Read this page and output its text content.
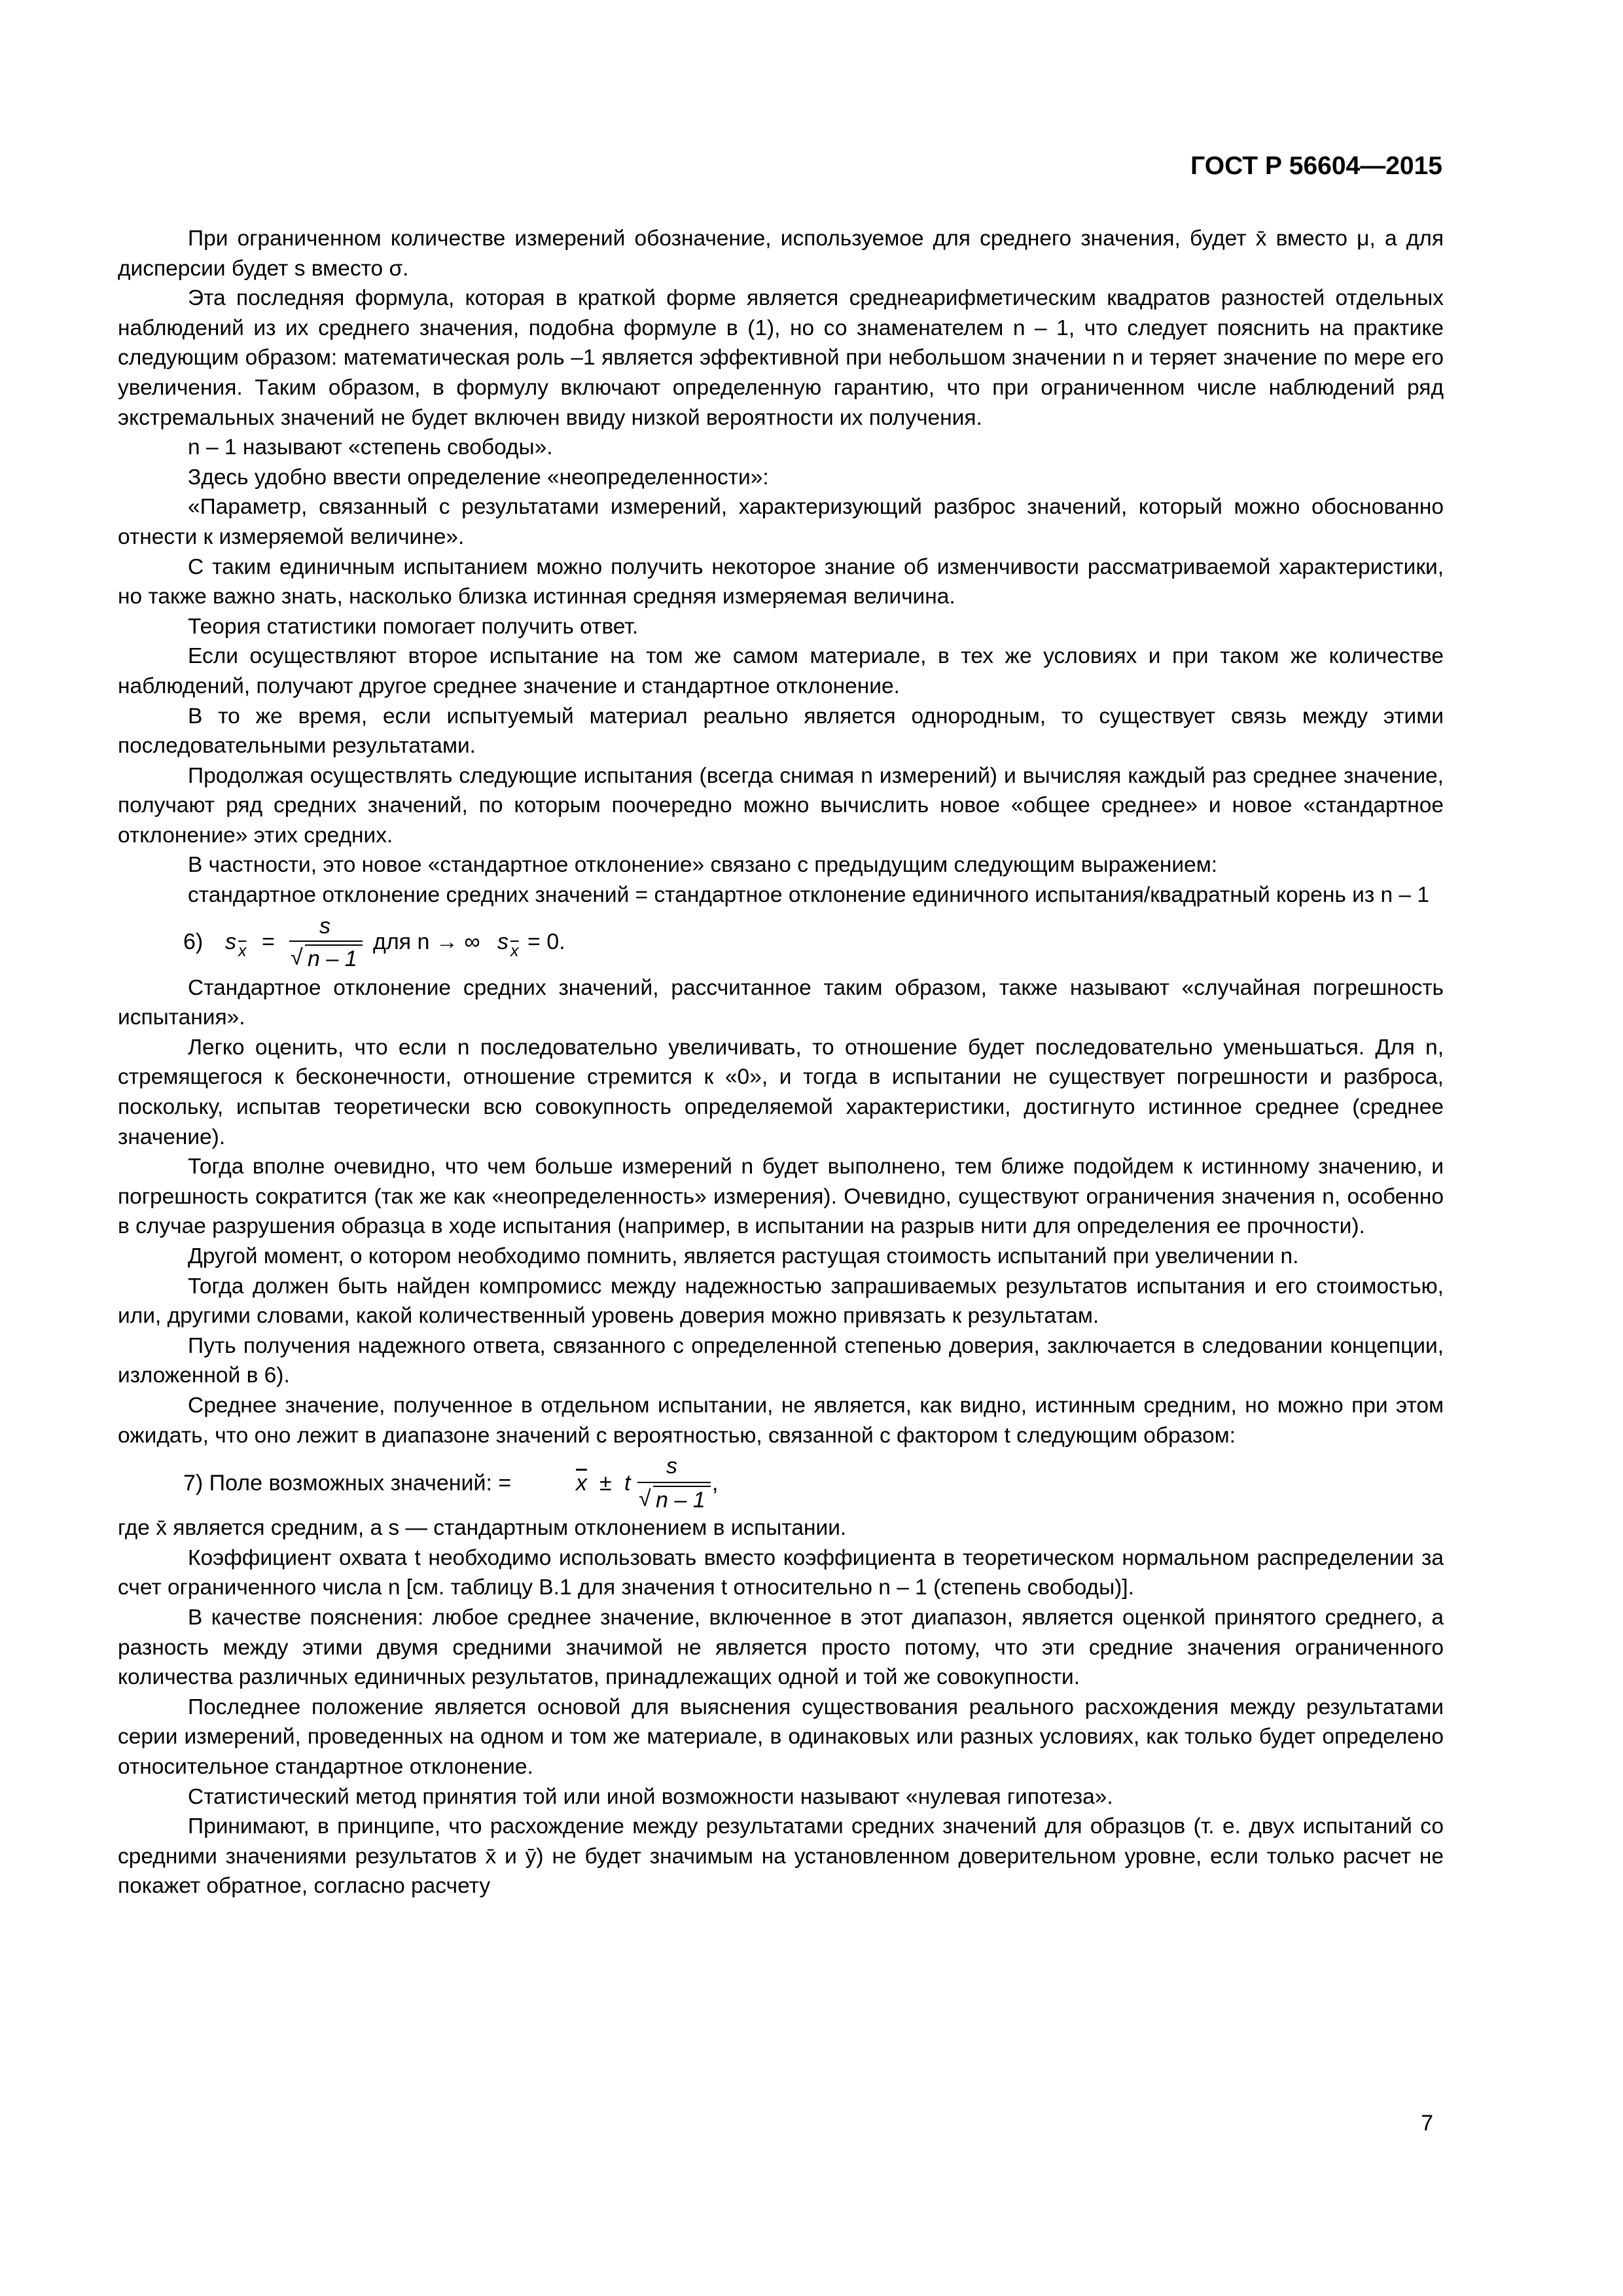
ГОСТ Р 56604—2015

При ограниченном количестве измерений обозначение, используемое для среднего значения, будет x̄ вместо μ, а для дисперсии будет s вместо σ.

Эта последняя формула, которая в краткой форме является среднеарифметическим квадратов разностей отдельных наблюдений из их среднего значения, подобна формуле в (1), но со знаменателем n – 1, что следует пояснить на практике следующим образом: математическая роль –1 является эффективной при небольшом значении n и теряет значение по мере его увеличения. Таким образом, в формулу включают определенную гарантию, что при ограниченном числе наблюдений ряд экстремальных значений не будет включен ввиду низкой вероятности их получения.

n – 1 называют «степень свободы».

Здесь удобно ввести определение «неопределенности»:

«Параметр, связанный с результатами измерений, характеризующий разброс значений, который можно обоснованно отнести к измеряемой величине».

С таким единичным испытанием можно получить некоторое знание об изменчивости рассматриваемой характеристики, но также важно знать, насколько близка истинная средняя измеряемая величина.

Теория статистики помогает получить ответ.

Если осуществляют второе испытание на том же самом материале, в тех же условиях и при таком же количестве наблюдений, получают другое среднее значение и стандартное отклонение.

В то же время, если испытуемый материал реально является однородным, то существует связь между этими последовательными результатами.

Продолжая осуществлять следующие испытания (всегда снимая n измерений) и вычисляя каждый раз среднее значение, получают ряд средних значений, по которым поочередно можно вычислить новое «общее среднее» и новое «стандартное отклонение» этих средних.

В частности, это новое «стандартное отклонение» связано с предыдущим следующим выражением:

стандартное отклонение средних значений = стандартное отклонение единичного испытания/квадратный корень из n – 1

6) s $\overline{x}$ =
s
√ n – 1
для n → ∞ s $\overline{x} = 0$.

Стандартное отклонение средних значений, рассчитанное таким образом, также называют «случайная погрешность испытания».

Легко оценить, что если n последовательно увеличивать, то отношение будет последовательно уменьшаться. Для n, стремящегося к бесконечности, отношение стремится к «0», и тогда в испытании не существует погрешности и разброса, поскольку, испытав теоретически всю совокупность определяемой характеристики, достигнуто истинное среднее (среднее значение).

Тогда вполне очевидно, что чем больше измерений n будет выполнено, тем ближе подойдем к истинному значению, и погрешность сократится (так же как «неопределенность» измерения). Очевидно, существуют ограничения значения n, особенно в случае разрушения образца в ходе испытания (например, в испытании на разрыв нити для определения ее прочности).

Другой момент, о котором необходимо помнить, является растущая стоимость испытаний при увеличении n.

Тогда должен быть найден компромисс между надежностью запрашиваемых результатов испытания и его стоимостью, или, другими словами, какой количественный уровень доверия можно привязать к результатам.

Путь получения надежного ответа, связанного с определенной степенью доверия, заключается в следовании концепции, изложенной в 6).

Среднее значение, полученное в отдельном испытании, не является, как видно, истинным средним, но можно при этом ожидать, что оно лежит в диапазоне значений с вероятностью, связанной с фактором t следующим образом:

7) Поле возможных значений: =	$\overline{x} \pm t$
s
√ n – 1
,

где x̄ является средним, а s — стандартным отклонением в испытании.

Коэффициент охвата t необходимо использовать вместо коэффициента в теоретическом нормальном распределении за счет ограниченного числа n [см. таблицу В.1 для значения t относительно n – 1 (степень свободы)].

В качестве пояснения: любое среднее значение, включенное в этот диапазон, является оценкой принятого среднего, а разность между этими двумя средними значимой не является просто потому, что эти средние значения ограниченного количества различных единичных результатов, принадлежащих одной и той же совокупности.

Последнее положение является основой для выяснения существования реального расхождения между результатами серии измерений, проведенных на одном и том же материале, в одинаковых или разных условиях, как только будет определено относительное стандартное отклонение.

Статистический метод принятия той или иной возможности называют «нулевая гипотеза».

Принимают, в принципе, что расхождение между результатами средних значений для образцов (т. е. двух испытаний со средними значениями результатов x̄ и ȳ) не будет значимым на установленном доверительном уровне, если только расчет не покажет обратное, согласно расчету

7
